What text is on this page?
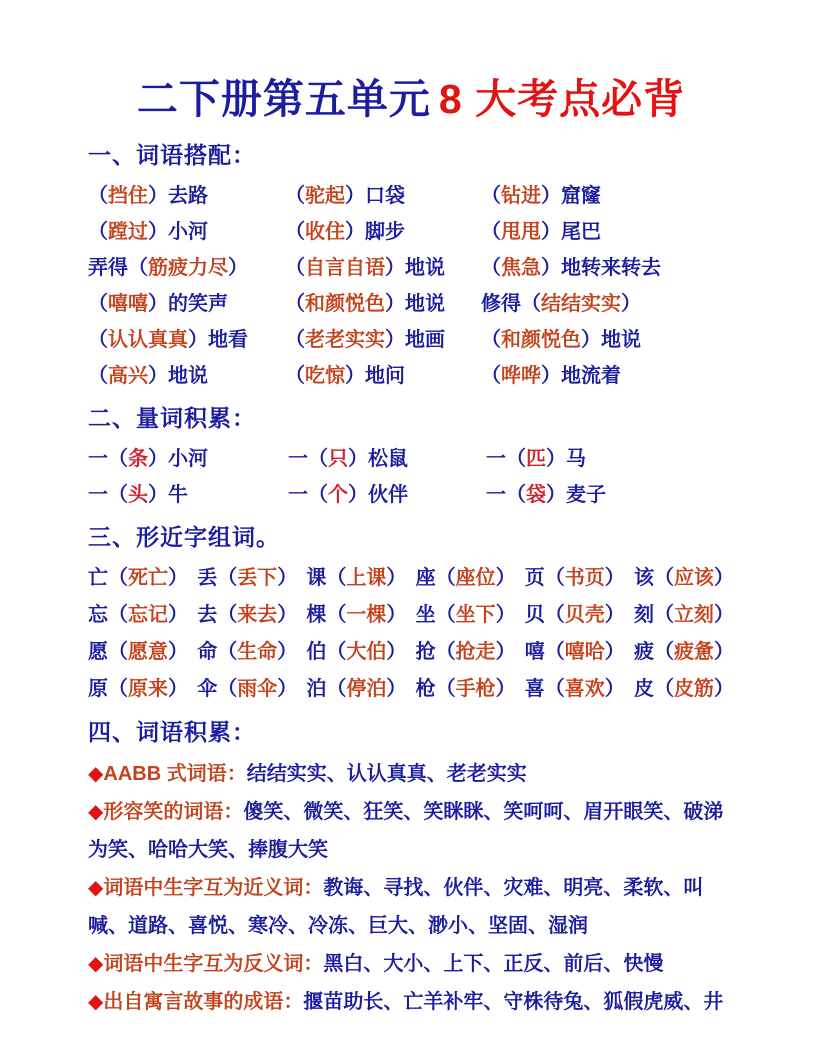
二下册第五单元 8 大考点必背
一、词语搭配：
（挡住）去路	（驼起）口袋	（钻进）窟窿
（蹚过）小河	（收住）脚步	（甩甩）尾巴
弄得（筋疲力尽）	（自言自语）地说	（焦急）地转来转去
（嘻嘻）的笑声	（和颜悦色）地说	修得（结结实实）
（认认真真）地看	（老老实实）地画	（和颜悦色）地说
（高兴）地说	（吃惊）地问	（哗哗）地流着
二、量词积累：
一（条）小河	一（只）松鼠	一（匹）马
一（头）牛	一（个）伙伴	一（袋）麦子
三、形近字组词。
亡（死亡） 丢（丢下） 课（上课） 座（座位） 页（书页） 该（应该）
忘（忘记） 去（来去） 棵（一棵） 坐（坐下） 贝（贝壳） 刻（立刻）
愿（愿意） 命（生命） 伯（大伯） 抢（抢走） 嘻（嘻哈） 疲（疲惫）
原（原来） 伞（雨伞） 泊（停泊） 枪（手枪） 喜（喜欢） 皮（皮筋）
四、词语积累：
◆AABB 式词语：结结实实、认认真真、老老实实
◆形容笑的词语：傻笑、微笑、狂笑、笑眯眯、笑呵呵、眉开眼笑、破涕为笑、哈哈大笑、捧腹大笑
◆词语中生字互为近义词：教诲、寻找、伙伴、灾难、明亮、柔软、叫喊、道路、喜悦、寒冷、冷冻、巨大、渺小、坚固、湿润
◆词语中生字互为反义词：黑白、大小、上下、正反、前后、快慢
◆出自寓言故事的成语：揠苗助长、亡羊补牢、守株待兔、狐假虎威、井
